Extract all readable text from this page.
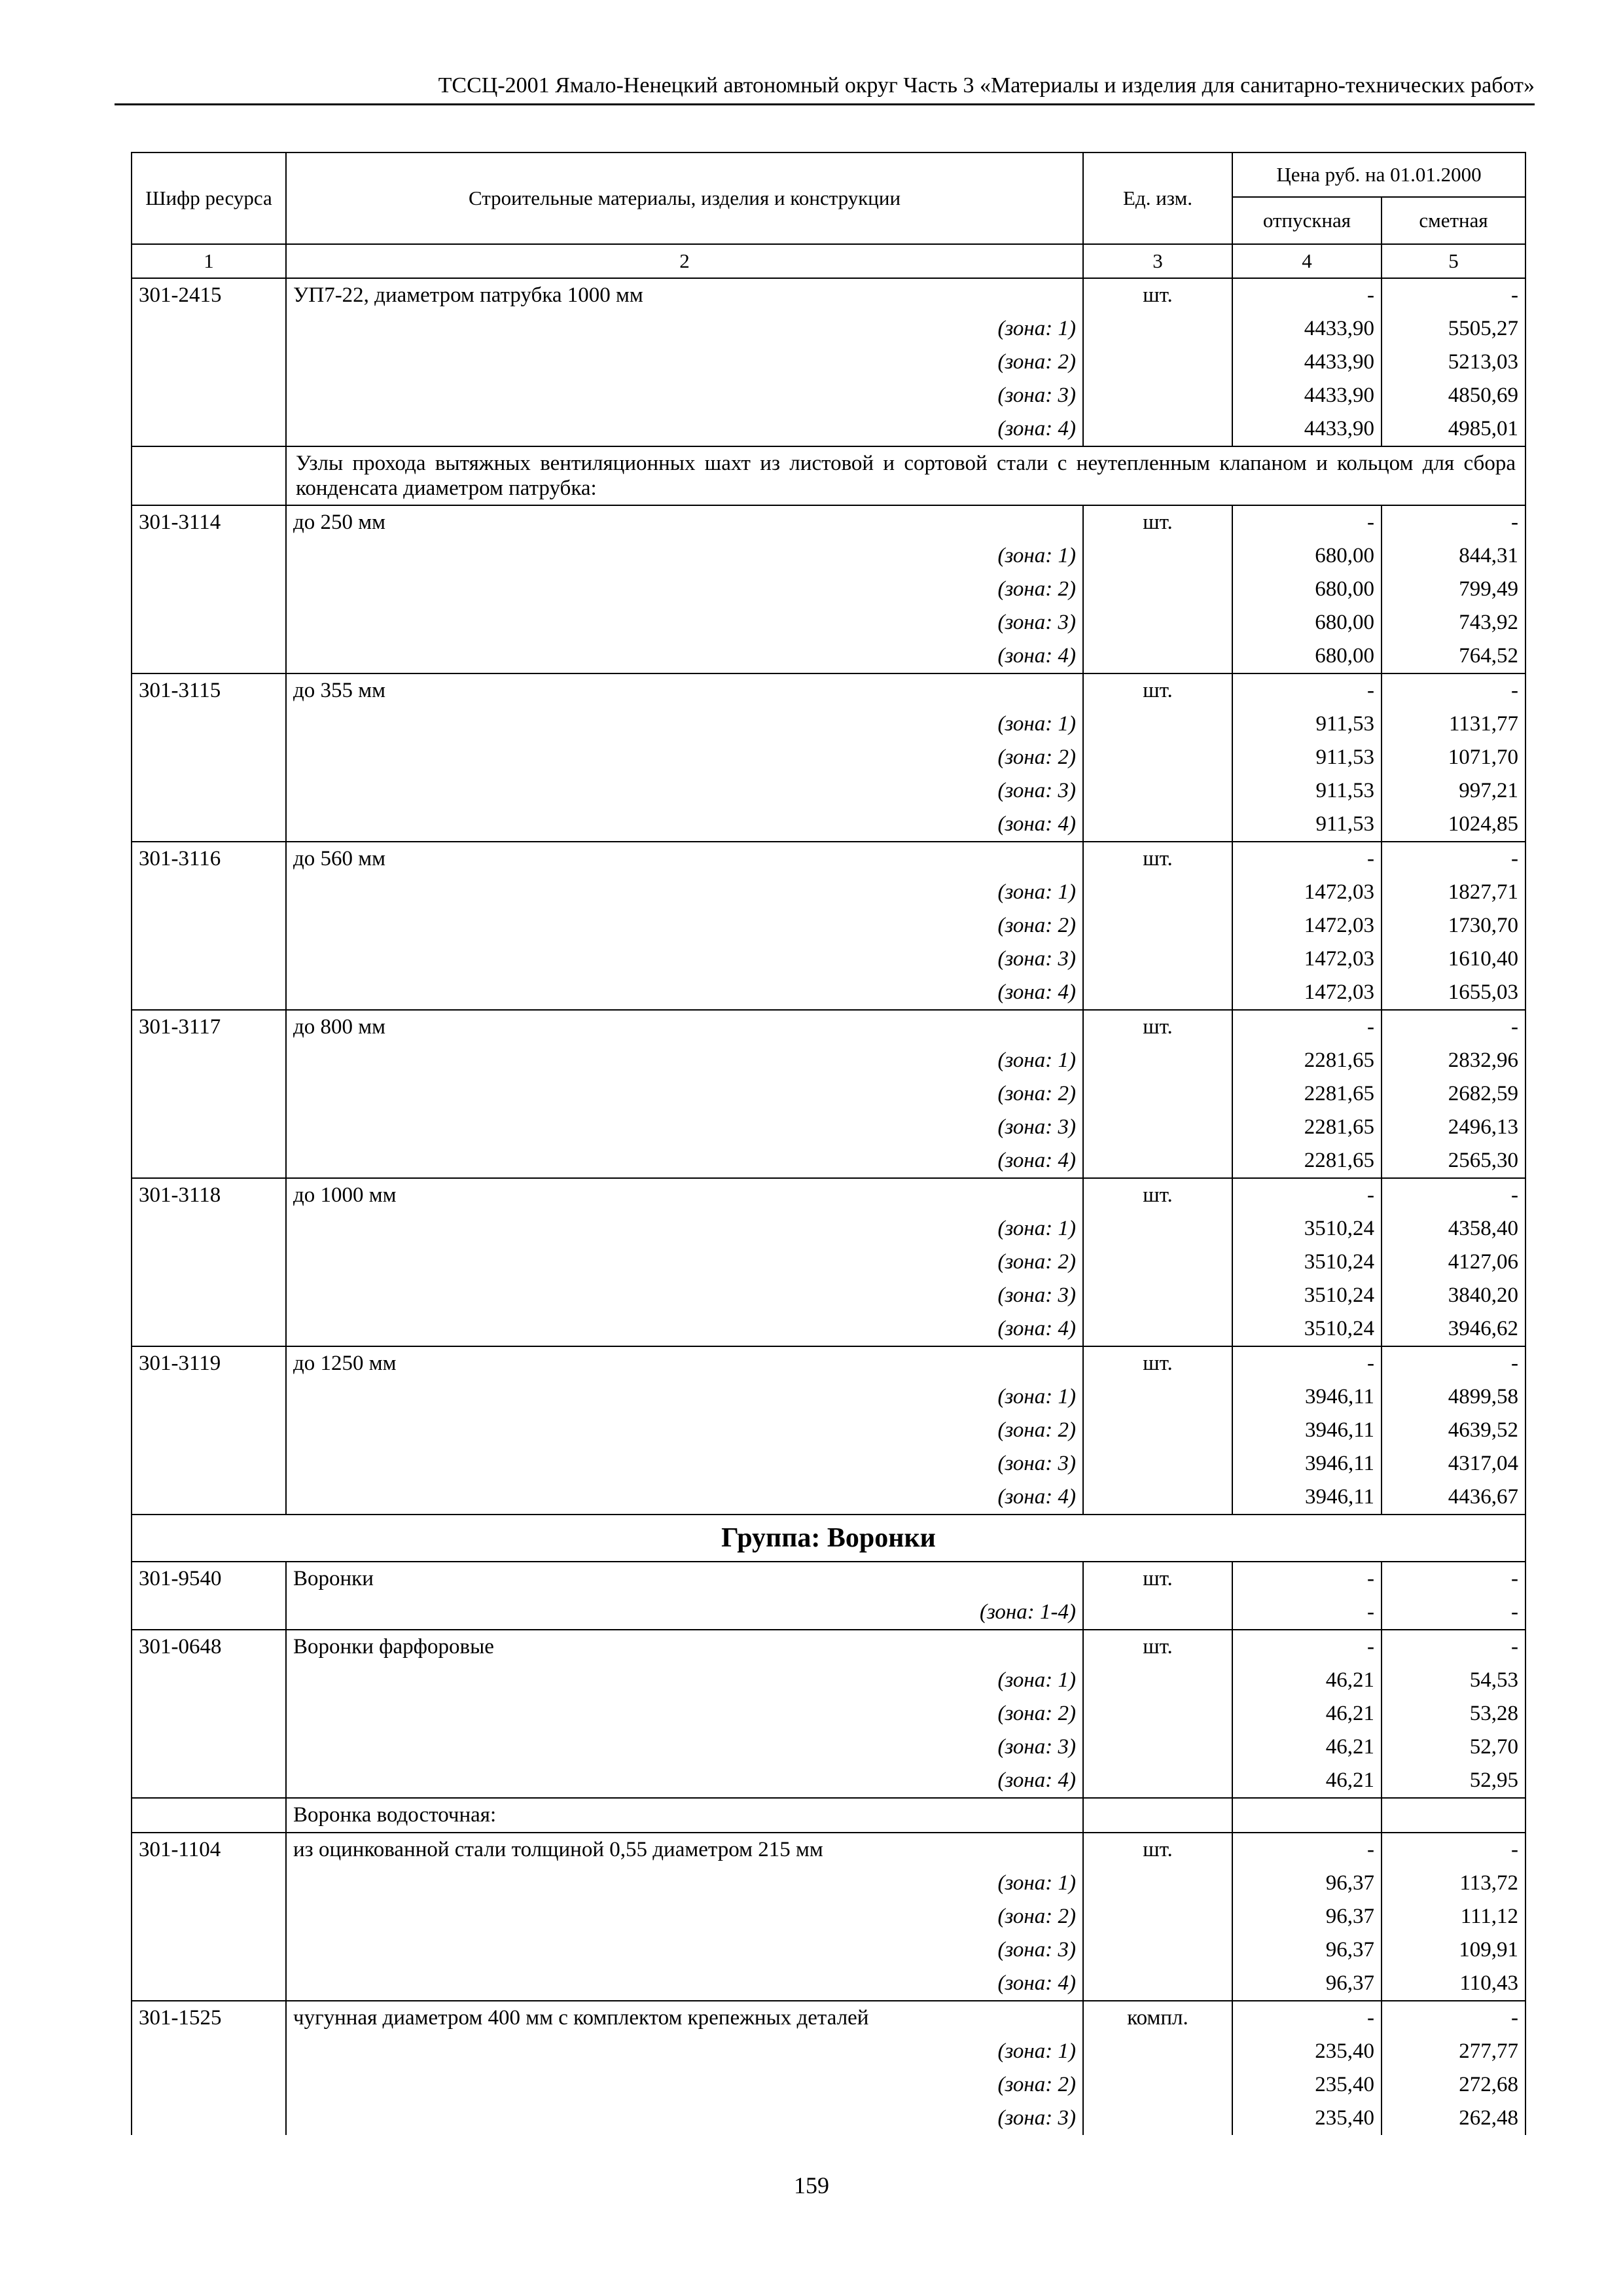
ТССЦ-2001 Ямало-Ненецкий автономный округ Часть 3 «Материалы и изделия для санитарно-технических работ»
Шифр ресурса	Строительные материалы, изделия и конструкции	Ед. изм.	Цена руб. на 01.01.2000	
			отпускная	сметная
1	2	3	4	5
301-2415	УП7-22, диаметром патрубка 1000 мм	шт.	-	-
	(зона: 1)		4433,90	5505,27
	(зона: 2)		4433,90	5213,03
	(зона: 3)		4433,90	4850,69
	(зона: 4)		4433,90	4985,01
	Узлы прохода вытяжных вентиляционных шахт из листовой и сортовой стали с неутепленным клапаном и кольцом для сбора конденсата диаметром патрубка:			
301-3114	до 250 мм	шт.	-	-
	(зона: 1)		680,00	844,31
	(зона: 2)		680,00	799,49
	(зона: 3)		680,00	743,92
	(зона: 4)		680,00	764,52
301-3115	до 355 мм	шт.	-	-
	(зона: 1)		911,53	1131,77
	(зона: 2)		911,53	1071,70
	(зона: 3)		911,53	997,21
	(зона: 4)		911,53	1024,85
301-3116	до 560 мм	шт.	-	-
	(зона: 1)		1472,03	1827,71
	(зона: 2)		1472,03	1730,70
	(зона: 3)		1472,03	1610,40
	(зона: 4)		1472,03	1655,03
301-3117	до 800 мм	шт.	-	-
	(зона: 1)		2281,65	2832,96
	(зона: 2)		2281,65	2682,59
	(зона: 3)		2281,65	2496,13
	(зона: 4)		2281,65	2565,30
301-3118	до 1000 мм	шт.	-	-
	(зона: 1)		3510,24	4358,40
	(зона: 2)		3510,24	4127,06
	(зона: 3)		3510,24	3840,20
	(зона: 4)		3510,24	3946,62
301-3119	до 1250 мм	шт.	-	-
	(зона: 1)		3946,11	4899,58
	(зона: 2)		3946,11	4639,52
	(зона: 3)		3946,11	4317,04
	(зона: 4)		3946,11	4436,67
Группа: Воронки				
301-9540	Воронки	шт.	-	-
	(зона: 1-4)		-	-
301-0648	Воронки фарфоровые	шт.	-	-
	(зона: 1)		46,21	54,53
	(зона: 2)		46,21	53,28
	(зона: 3)		46,21	52,70
	(зона: 4)		46,21	52,95
	Воронка водосточная:			
301-1104	из оцинкованной стали толщиной 0,55 диаметром 215 мм	шт.	-	-
	(зона: 1)		96,37	113,72
	(зона: 2)		96,37	111,12
	(зона: 3)		96,37	109,91
	(зона: 4)		96,37	110,43
301-1525	чугунная диаметром 400 мм с комплектом крепежных деталей	компл.	-	-
	(зона: 1)		235,40	277,77
	(зона: 2)		235,40	272,68
	(зона: 3)		235,40	262,48
159
